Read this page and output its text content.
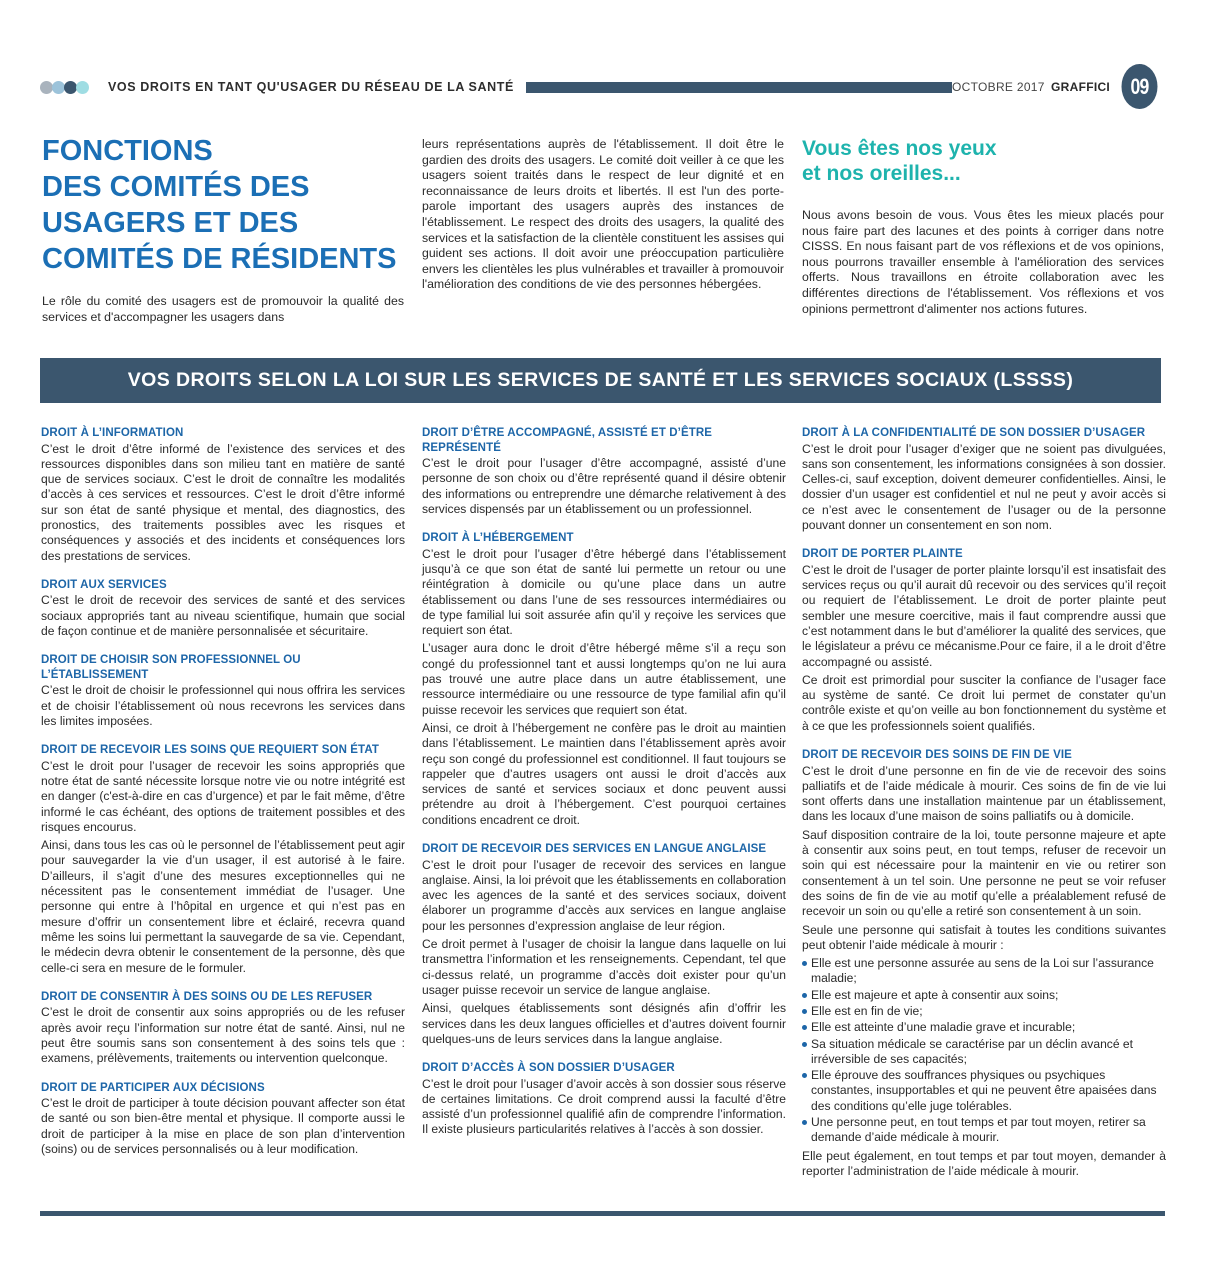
VOS DROITS EN TANT QU'USAGER DU RÉSEAU DE LA SANTÉ	OCTOBRE 2017 GRAFFICI 09
FONCTIONS
DES COMITÉS DES
USAGERS ET DES
COMITÉS DE RÉSIDENTS

Le rôle du comité des usagers est de promouvoir la qualité des services et d'accompagner les usagers dans

leurs représentations auprès de l'établissement. Il doit être le gardien des droits des usagers. Le comité doit veiller à ce que les usagers soient traités dans le respect de leur dignité et en reconnaissance de leurs droits et libertés. Il est l'un des porte-parole important des usagers auprès des instances de l'établissement. Le respect des droits des usagers, la qualité des services et la satisfaction de la clientèle constituent les assises qui guident ses actions. Il doit avoir une préoccupation particulière envers les clientèles les plus vulnérables et travailler à promouvoir l'amélioration des conditions de vie des personnes hébergées.

Vous êtes nos yeux
et nos oreilles...

Nous avons besoin de vous. Vous êtes les mieux placés pour nous faire part des lacunes et des points à corriger dans notre CISSS. En nous faisant part de vos réflexions et de vos opinions, nous pourrons travailler ensemble à l'amélioration des services offerts. Nous travaillons en étroite collaboration avec les différentes directions de l'établissement. Vos réflexions et vos opinions permettront d'alimenter nos actions futures.

VOS DROITS SELON LA LOI SUR LES SERVICES DE SANTÉ ET LES SERVICES SOCIAUX (LSSSS)
DROIT À L’INFORMATION

C’est le droit d’être informé de l’existence des services et des ressources disponibles dans son milieu tant en matière de santé que de services sociaux. C’est le droit de connaître les modalités d’accès à ces services et ressources. C’est le droit d’être informé sur son état de santé physique et mental, des diagnostics, des pronostics, des traitements possibles avec les risques et conséquences y associés et des incidents et conséquences lors des prestations de services.

DROIT AUX SERVICES

C’est le droit de recevoir des services de santé et des services sociaux appropriés tant au niveau scientifique, humain que social de façon continue et de manière personnalisée et sécuritaire.

DROIT DE CHOISIR SON PROFESSIONNEL OU L’ÉTABLISSEMENT

C’est le droit de choisir le professionnel qui nous offrira les services et de choisir l’établissement où nous recevrons les services dans les limites imposées.

DROIT DE RECEVOIR LES SOINS QUE REQUIERT SON ÉTAT

C’est le droit pour l’usager de recevoir les soins appropriés que notre état de santé nécessite lorsque notre vie ou notre intégrité est en danger (c'est-à-dire en cas d’urgence) et par le fait même, d’être informé le cas échéant, des options de traitement possibles et des risques encourus.

Ainsi, dans tous les cas où le personnel de l’établissement peut agir pour sauvegarder la vie d’un usager, il est autorisé à le faire. D’ailleurs, il s’agit d’une des mesures exceptionnelles qui ne nécessitent pas le consentement immédiat de l’usager. Une personne qui entre à l’hôpital en urgence et qui n’est pas en mesure d’offrir un consentement libre et éclairé, recevra quand même les soins lui permettant la sauvegarde de sa vie. Cependant, le médecin devra obtenir le consentement de la personne, dès que celle-ci sera en mesure de le formuler.

DROIT DE CONSENTIR À DES SOINS OU DE LES REFUSER

C’est le droit de consentir aux soins appropriés ou de les refuser après avoir reçu l’information sur notre état de santé. Ainsi, nul ne peut être soumis sans son consentement à des soins tels que : examens, prélèvements, traitements ou intervention quelconque.

DROIT DE PARTICIPER AUX DÉCISIONS

C’est le droit de participer à toute décision pouvant affecter son état de santé ou son bien-être mental et physique. Il comporte aussi le droit de participer à la mise en place de son plan d’intervention (soins) ou de services personnalisés ou à leur modification.

DROIT D’ÊTRE ACCOMPAGNÉ, ASSISTÉ ET D’ÊTRE REPRÉSENTÉ

C’est le droit pour l’usager d’être accompagné, assisté d’une personne de son choix ou d’être représenté quand il désire obtenir des informations ou entreprendre une démarche relativement à des services dispensés par un établissement ou un professionnel.

DROIT À L’HÉBERGEMENT

C’est le droit pour l’usager d’être hébergé dans l’établissement jusqu’à ce que son état de santé lui permette un retour ou une réintégration à domicile ou qu’une place dans un autre établissement ou dans l’une de ses ressources intermédiaires ou de type familial lui soit assurée afin qu’il y reçoive les services que requiert son état.

L’usager aura donc le droit d’être hébergé même s’il a reçu son congé du professionnel tant et aussi longtemps qu’on ne lui aura pas trouvé une autre place dans un autre établissement, une ressource intermédiaire ou une ressource de type familial afin qu’il puisse recevoir les services que requiert son état.

Ainsi, ce droit à l’hébergement ne confère pas le droit au maintien dans l’établissement. Le maintien dans l’établissement après avoir reçu son congé du professionnel est conditionnel. Il faut toujours se rappeler que d’autres usagers ont aussi le droit d’accès aux services de santé et services sociaux et donc peuvent aussi prétendre au droit à l’hébergement. C’est pourquoi certaines conditions encadrent ce droit.

DROIT DE RECEVOIR DES SERVICES EN LANGUE ANGLAISE

C’est le droit pour l’usager de recevoir des services en langue anglaise. Ainsi, la loi prévoit que les établissements en collaboration avec les agences de la santé et des services sociaux, doivent élaborer un programme d’accès aux services en langue anglaise pour les personnes d’expression anglaise de leur région.

Ce droit permet à l’usager de choisir la langue dans laquelle on lui transmettra l’information et les renseignements. Cependant, tel que ci-dessus relaté, un programme d’accès doit exister pour qu’un usager puisse recevoir un service de langue anglaise.

Ainsi, quelques établissements sont désignés afin d’offrir les services dans les deux langues officielles et d’autres doivent fournir quelques-uns de leurs services dans la langue anglaise.

DROIT D’ACCÈS À SON DOSSIER D’USAGER

C’est le droit pour l’usager d’avoir accès à son dossier sous réserve de certaines limitations. Ce droit comprend aussi la faculté d’être assisté d’un professionnel qualifié afin de comprendre l’information. Il existe plusieurs particularités relatives à l’accès à son dossier.

DROIT À LA CONFIDENTIALITÉ DE SON DOSSIER D’USAGER

C’est le droit pour l’usager d’exiger que ne soient pas divulguées, sans son consentement, les informations consignées à son dossier. Celles-ci, sauf exception, doivent demeurer confidentielles. Ainsi, le dossier d’un usager est confidentiel et nul ne peut y avoir accès si ce n’est avec le consentement de l’usager ou de la personne pouvant donner un consentement en son nom.

DROIT DE PORTER PLAINTE

C’est le droit de l’usager de porter plainte lorsqu’il est insatisfait des services reçus ou qu’il aurait dû recevoir ou des services qu’il reçoit ou requiert de l’établissement. Le droit de porter plainte peut sembler une mesure coercitive, mais il faut comprendre aussi que c’est notamment dans le but d’améliorer la qualité des services, que le législateur a prévu ce mécanisme.Pour ce faire, il a le droit d’être accompagné ou assisté.

Ce droit est primordial pour susciter la confiance de l’usager face au système de santé. Ce droit lui permet de constater qu’un contrôle existe et qu’on veille au bon fonctionnement du système et à ce que les professionnels soient qualifiés.

DROIT DE RECEVOIR DES SOINS DE FIN DE VIE

C’est le droit d’une personne en fin de vie de recevoir des soins palliatifs et de l’aide médicale à mourir. Ces soins de fin de vie lui sont offerts dans une installation maintenue par un établissement, dans les locaux d’une maison de soins palliatifs ou à domicile.

Sauf disposition contraire de la loi, toute personne majeure et apte à consentir aux soins peut, en tout temps, refuser de recevoir un soin qui est nécessaire pour la maintenir en vie ou retirer son consentement à un tel soin. Une personne ne peut se voir refuser des soins de fin de vie au motif qu’elle a préalablement refusé de recevoir un soin ou qu’elle a retiré son consentement à un soin.

Seule une personne qui satisfait à toutes les conditions suivantes peut obtenir l’aide médicale à mourir :

Elle est une personne assurée au sens de la Loi sur l’assurance maladie;
Elle est majeure et apte à consentir aux soins;
Elle est en fin de vie;
Elle est atteinte d’une maladie grave et incurable;
Sa situation médicale se caractérise par un déclin avancé et irréversible de ses capacités;
Elle éprouve des souffrances physiques ou psychiques constantes, insupportables et qui ne peuvent être apaisées dans des conditions qu’elle juge tolérables.
Une personne peut, en tout temps et par tout moyen, retirer sa demande d’aide médicale à mourir.

Elle peut également, en tout temps et par tout moyen, demander à reporter l’administration de l’aide médicale à mourir.
